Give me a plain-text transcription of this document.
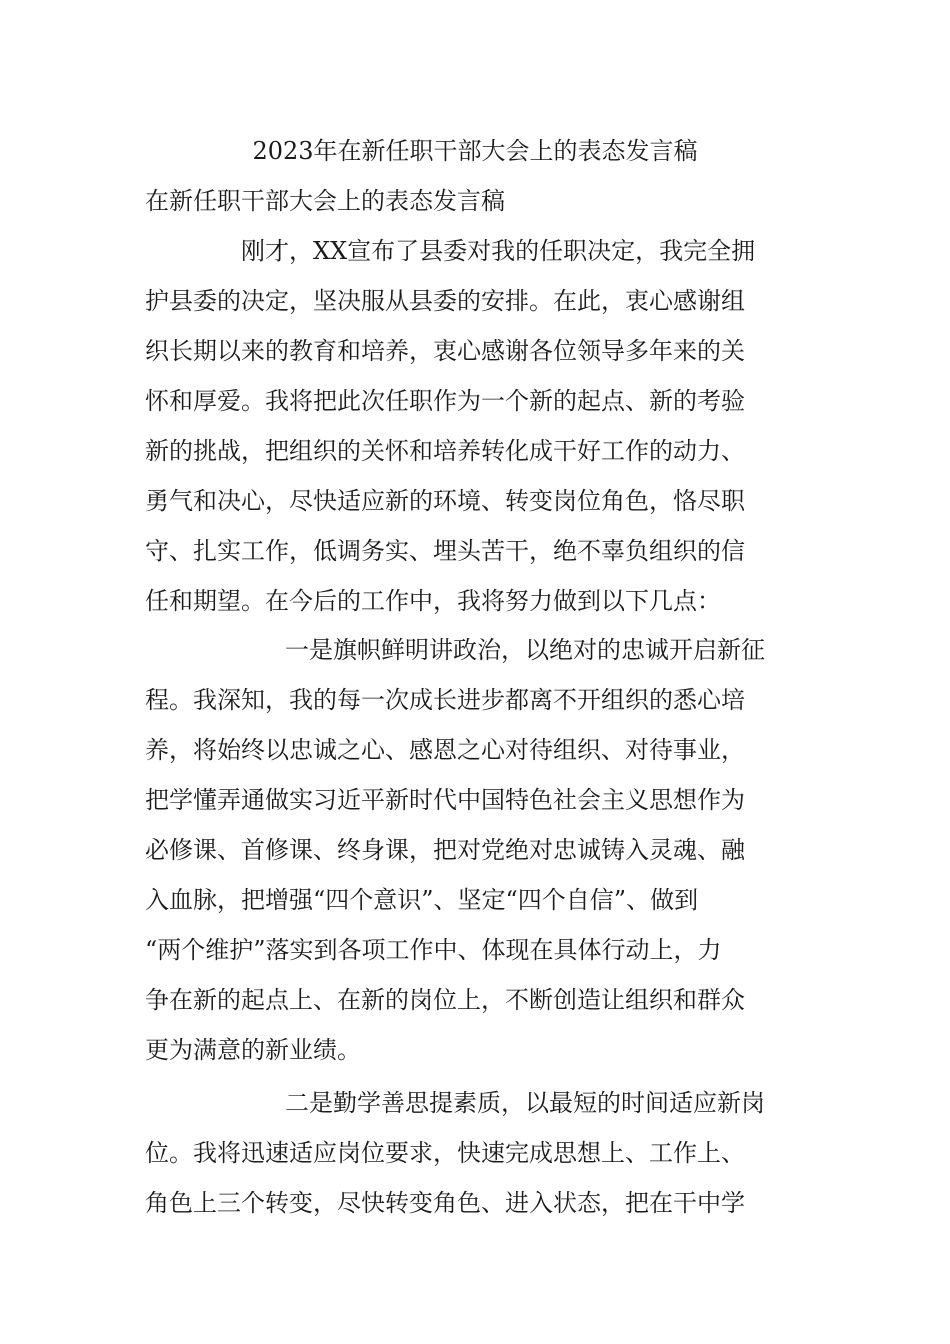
2023年在新任职干部大会上的表态发言稿
在新任职干部大会上的表态发言稿

刚才，XX宣布了县委对我的任职决定，我完全拥

护县委的决定，坚决服从县委的安排。在此，衷心感谢组

织长期以来的教育和培养，衷心感谢各位领导多年来的关

怀和厚爱。我将把此次任职作为一个新的起点、新的考验

新的挑战，把组织的关怀和培养转化成干好工作的动力、

勇气和决心，尽快适应新的环境、转变岗位角色，恪尽职

守、扎实工作，低调务实、埋头苦干，绝不辜负组织的信

任和期望。在今后的工作中，我将努力做到以下几点：

一是旗帜鲜明讲政治，以绝对的忠诚开启新征

程。我深知，我的每一次成长进步都离不开组织的悉心培

养，将始终以忠诚之心、感恩之心对待组织、对待事业，

把学懂弄通做实习近平新时代中国特色社会主义思想作为

必修课、首修课、终身课，把对党绝对忠诚铸入灵魂、融

入血脉，把增强“四个意识”、坚定“四个自信”、做到

“两个维护”落实到各项工作中、体现在具体行动上，力

争在新的起点上、在新的岗位上，不断创造让组织和群众

更为满意的新业绩。

二是勤学善思提素质，以最短的时间适应新岗

位。我将迅速适应岗位要求，快速完成思想上、工作上、

角色上三个转变，尽快转变角色、进入状态，把在干中学
